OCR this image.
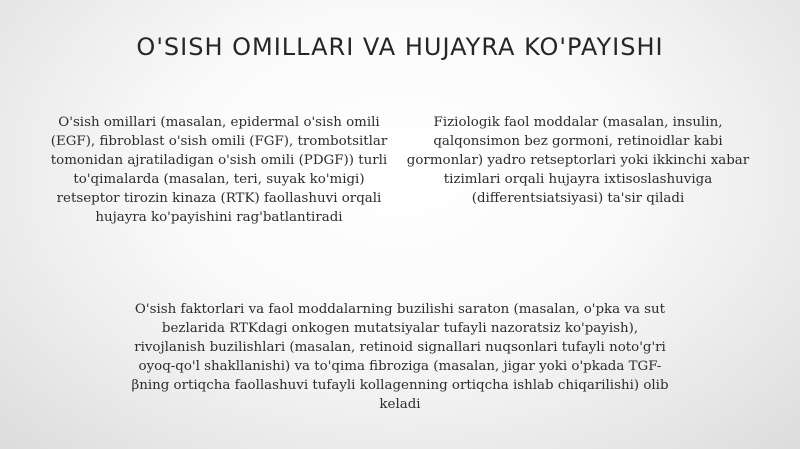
O'SISH OMILLARI VA HUJAYRA KO'PAYISHI

O'sish omillari (masalan, epidermal o'sish omili (EGF), fibroblast o'sish omili (FGF), trombotsitlar tomonidan ajratiladigan o'sish omili (PDGF)) turli to'qimalarda (masalan, teri, suyak ko'migi) retseptor tirozin kinaza (RTK) faollashuvi orqali hujayra ko'payishini rag'batlantiradi

Fiziologik faol moddalar (masalan, insulin, qalqonsimon bez gormoni, retinoidlar kabi gormonlar) yadro retseptorlari yoki ikkinchi xabar tizimlari orqali hujayra ixtisoslashuviga (differentsiatsiyasi) ta'sir qiladi

O'sish faktorlari va faol moddalarning buzilishi saraton (masalan, o'pka va sut bezlarida RTKdagi onkogen mutatsiyalar tufayli nazoratsiz ko'payish), rivojlanish buzilishlari (masalan, retinoid signallari nuqsonlari tufayli noto'g'ri oyoq-qo'l shakllanishi) va to'qima fibroziga (masalan, jigar yoki o'pkada TGF-βning ortiqcha faollashuvi tufayli kollagenning ortiqcha ishlab chiqarilishi) olib keladi
